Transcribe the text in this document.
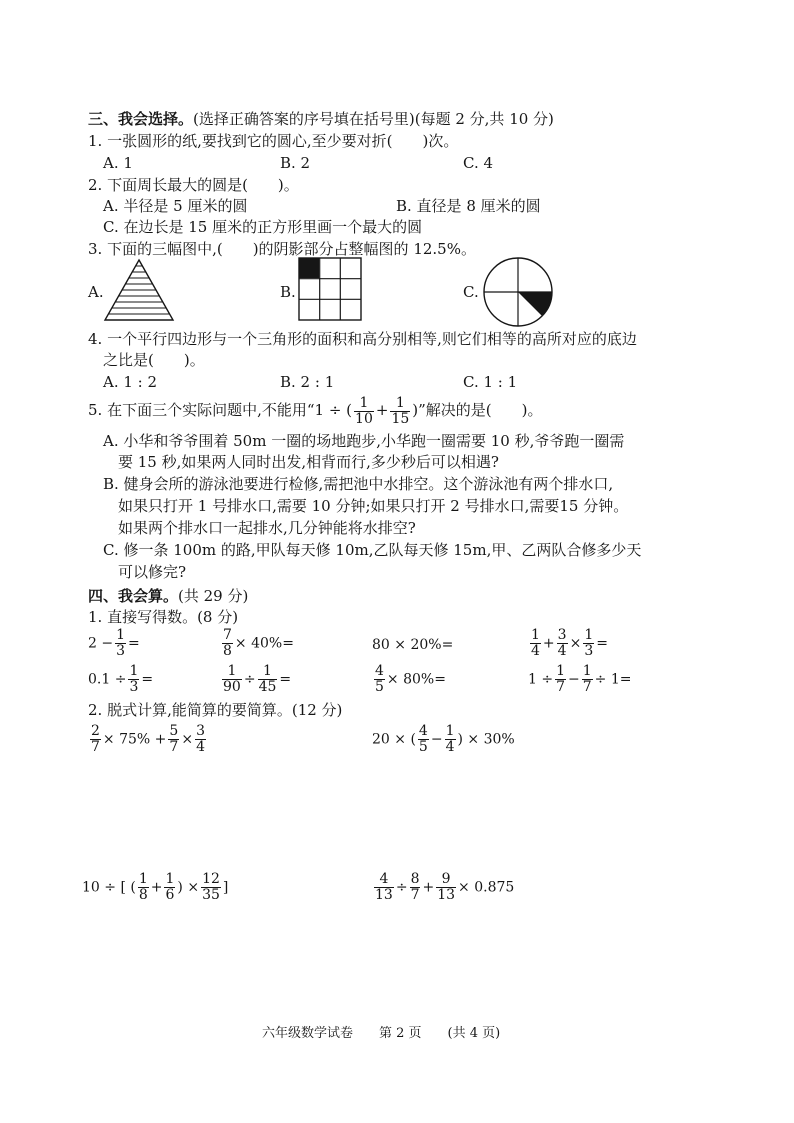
三、我会选择。(选择正确答案的序号填在括号里)(每题 2 分,共 10 分)
1. 一张圆形的纸,要找到它的圆心,至少要对折(　　)次。
A. 1	B. 2	C. 4
2. 下面周长最大的圆是(　　)。
A. 半径是 5 厘米的圆	B. 直径是 8 厘米的圆
C. 在边长是 15 厘米的正方形里画一个最大的圆
3. 下面的三幅图中,(　　)的阴影部分占整幅图的 12.5%。
A.	B.	C.
4. 一个平行四边形与一个三角形的面积和高分别相等,则它们相等的高所对应的底边
之比是(　　)。
A. 1 : 2	B. 2 : 1	C. 1 : 1
5. 在下面三个实际问题中,不能用“1 ÷ ( $\frac{1}{10} + \frac{1}{15}$ )”解决的是(　　)。
A. 小华和爷爷围着 50m 一圈的场地跑步,小华跑一圈需要 10 秒,爷爷跑一圈需
要 15 秒,如果两人同时出发,相背而行,多少秒后可以相遇?
B. 健身会所的游泳池要进行检修,需把池中水排空。这个游泳池有两个排水口,
如果只打开 1 号排水口,需要 10 分钟;如果只打开 2 号排水口,需要15 分钟。
如果两个排水口一起排水,几分钟能将水排空?
C. 修一条 100m 的路,甲队每天修 10m,乙队每天修 15m,甲、乙两队合修多少天
可以修完?
四、我会算。(共 29 分)
1. 直接写得数。(8 分)
$2 - \frac{1}{3}$ =	$\frac{7}{8} \times 40\%=$	80 × 20%=	$\frac{1}{4} + \frac{3}{4} \times \frac{1}{3}$ =
$0.1 \div \frac{1}{3}$ =	$\frac{1}{90} \div \frac{1}{45}$ =	$\frac{4}{5} \times 80\%=$	$1 \div \frac{1}{7} - \frac{1}{7} \div 1=$
2. 脱式计算,能简算的要简算。(12 分)
$\frac{2}{7} \times 75\% + \frac{5}{7} \times \frac{3}{4}$	20 × ( $\frac{4}{5} - \frac{1}{4}$ ) × 30%
10 ÷ [ ( $\frac{1}{8} + \frac{1}{6}$ ) × $\frac{12}{35}$ ]	$\frac{4}{13} \div \frac{8}{7} + \frac{9}{13} \times 0.875$
六年级数学试卷　　第 2 页　　(共 4 页)
